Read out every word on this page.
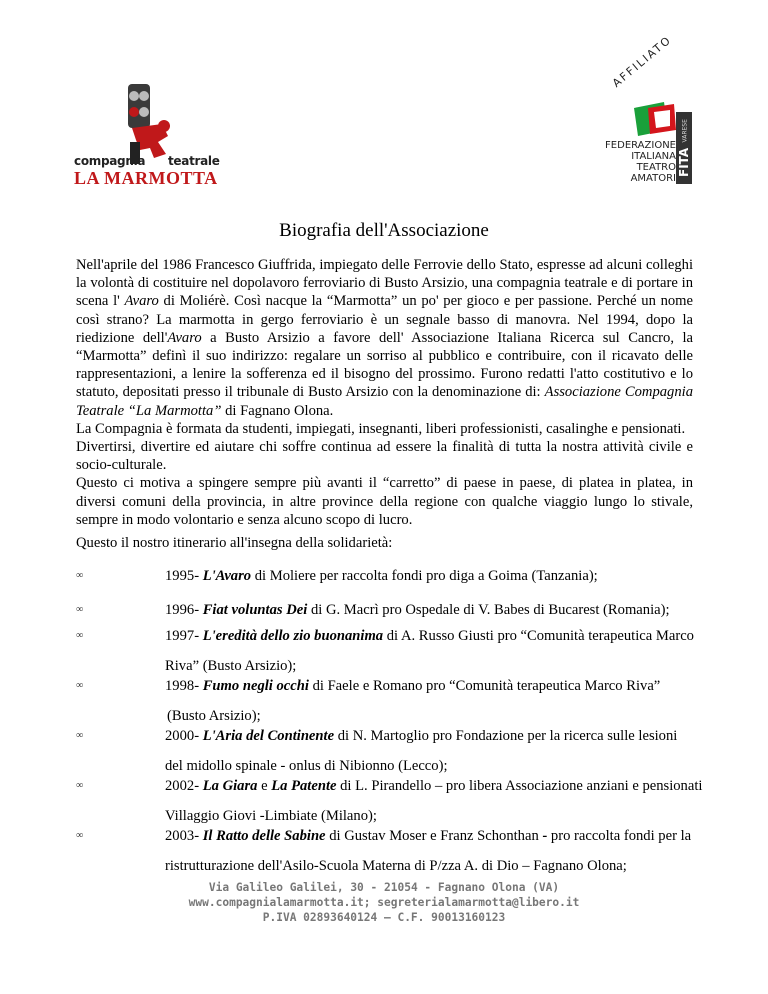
compagnia	teatrale
LA MARMOTTA
AFFILIATO
FEDERAZIONE
ITALIANA
TEATRO
AMATORI
FITA
VARESE
Biografia dell'Associazione

Nell'aprile del 1986 Francesco Giuffrida, impiegato delle Ferrovie dello Stato, espresse ad alcuni colleghi la volontà di costituire nel dopolavoro ferroviario di Busto Arsizio, una compagnia teatrale e di portare in scena l' Avaro di Moliérè. Così nacque la “Marmotta” un po' per gioco e per passione. Perché un nome così strano? La marmotta in gergo ferroviario è un segnale basso di manovra. Nel 1994, dopo la riedizione dell'Avaro a Busto Arsizio a favore dell' Associazione Italiana Ricerca sul Cancro, la “Marmotta” definì il suo indirizzo: regalare un sorriso al pubblico e contribuire, con il ricavato delle rappresentazioni, a lenire la sofferenza ed il bisogno del prossimo. Furono redatti l'atto costitutivo e lo statuto, depositati presso il tribunale di Busto Arsizio con la denominazione di: Associazione Compagnia Teatrale “La Marmotta” di Fagnano Olona.

La Compagnia è formata da studenti, impiegati, insegnanti, liberi professionisti, casalinghe e pensionati.

Divertirsi, divertire ed aiutare chi soffre continua ad essere la finalità di tutta la nostra attività civile e socio-culturale.

Questo ci motiva a spingere sempre più avanti il “carretto” di paese in paese, di platea in platea, in diversi comuni della provincia, in altre province della regione con qualche viaggio lungo lo stivale, sempre in modo volontario e senza alcuno scopo di lucro.

Questo il nostro itinerario all'insegna della solidarietà:
∞	1995- L'Avaro di Moliere per raccolta fondi pro diga a Goima (Tanzania);
∞	1996- Fiat voluntas Dei di G. Macrì pro Ospedale di V. Babes di Bucarest (Romania);
∞	1997- L'eredità dello zio buonanima di A. Russo Giusti pro “Comunità terapeutica Marco
Riva” (Busto Arsizio);
∞	1998- Fumo negli occhi di Faele e Romano pro “Comunità terapeutica Marco Riva”
(Busto Arsizio);
∞	2000- L'Aria del Continente di N. Martoglio pro Fondazione per la ricerca sulle lesioni
del midollo spinale - onlus di Nibionno (Lecco);
∞	2002- La Giara e La Patente di L. Pirandello – pro libera Associazione anziani e pensionati
Villaggio Giovi -Limbiate (Milano);
∞	2003- Il Ratto delle Sabine di Gustav Moser e Franz Schonthan - pro raccolta fondi per la
ristrutturazione dell'Asilo-Scuola Materna di P/zza A. di Dio – Fagnano Olona;
Via Galileo Galilei, 30 - 21054 - Fagnano Olona (VA)
www.compagnialamarmotta.it; segreterialamarmotta@libero.it
P.IVA 02893640124 – C.F. 90013160123
